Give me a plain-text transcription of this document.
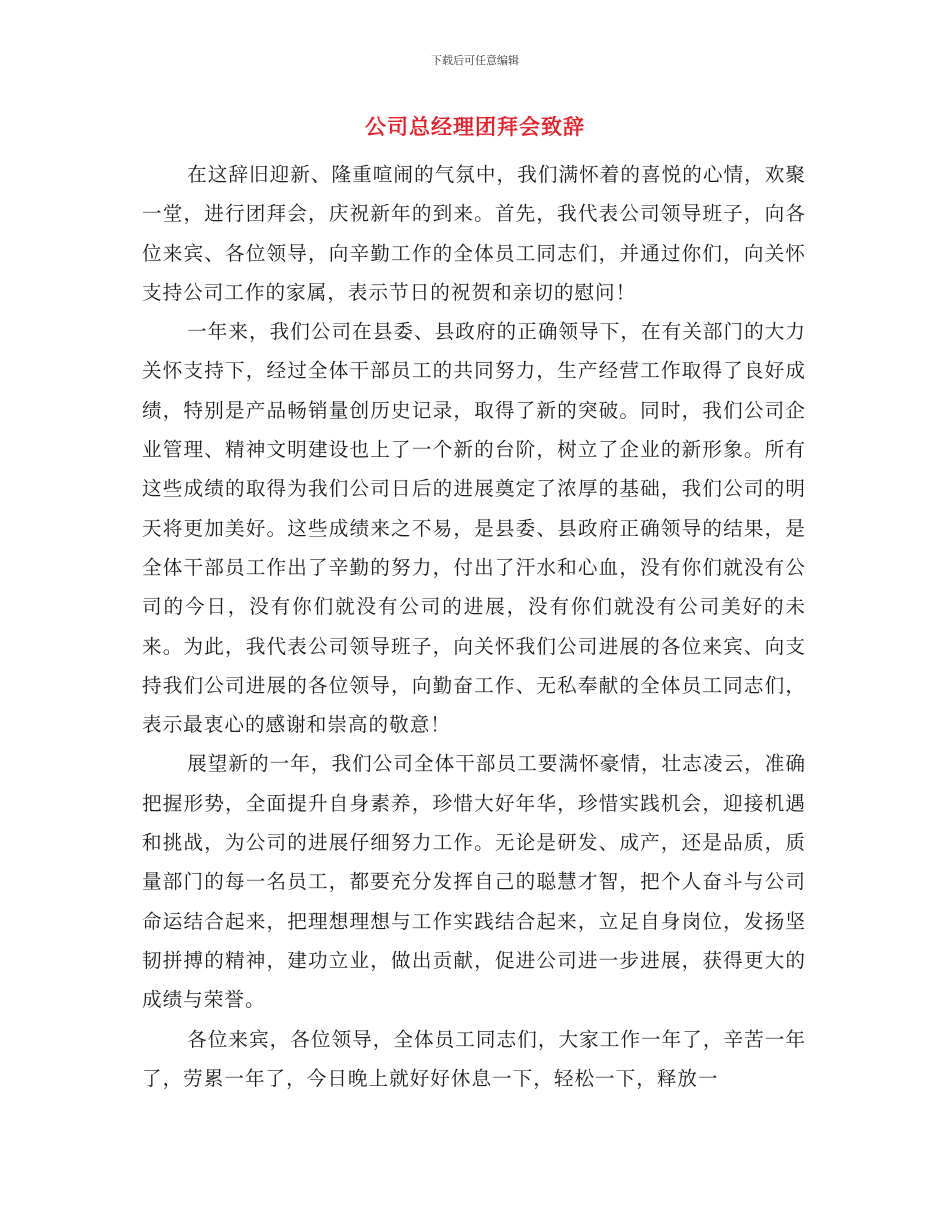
下载后可任意编辑
公司总经理团拜会致辞

在这辞旧迎新、隆重喧闹的气氛中，我们满怀着的喜悦的心情，欢聚一堂，进行团拜会，庆祝新年的到来。首先，我代表公司领导班子，向各位来宾、各位领导，向辛勤工作的全体员工同志们，并通过你们，向关怀支持公司工作的家属，表示节日的祝贺和亲切的慰问！

一年来，我们公司在县委、县政府的正确领导下，在有关部门的大力关怀支持下，经过全体干部员工的共同努力，生产经营工作取得了良好成绩，特别是产品畅销量创历史记录，取得了新的突破。同时，我们公司企业管理、精神文明建设也上了一个新的台阶，树立了企业的新形象。所有这些成绩的取得为我们公司日后的进展奠定了浓厚的基础，我们公司的明天将更加美好。这些成绩来之不易，是县委、县政府正确领导的结果，是全体干部员工作出了辛勤的努力，付出了汗水和心血，没有你们就没有公司的今日，没有你们就没有公司的进展，没有你们就没有公司美好的未来。为此，我代表公司领导班子，向关怀我们公司进展的各位来宾、向支持我们公司进展的各位领导，向勤奋工作、无私奉献的全体员工同志们，表示最衷心的感谢和崇高的敬意！

展望新的一年，我们公司全体干部员工要满怀豪情，壮志凌云，准确把握形势，全面提升自身素养，珍惜大好年华，珍惜实践机会，迎接机遇和挑战，为公司的进展仔细努力工作。无论是研发、成产，还是品质，质量部门的每一名员工，都要充分发挥自己的聪慧才智，把个人奋斗与公司命运结合起来，把理想理想与工作实践结合起来，立足自身岗位，发扬坚韧拼搏的精神，建功立业，做出贡献，促进公司进一步进展，获得更大的成绩与荣誉。

各位来宾，各位领导，全体员工同志们，大家工作一年了，辛苦一年了，劳累一年了，今日晚上就好好休息一下，轻松一下，释放一
